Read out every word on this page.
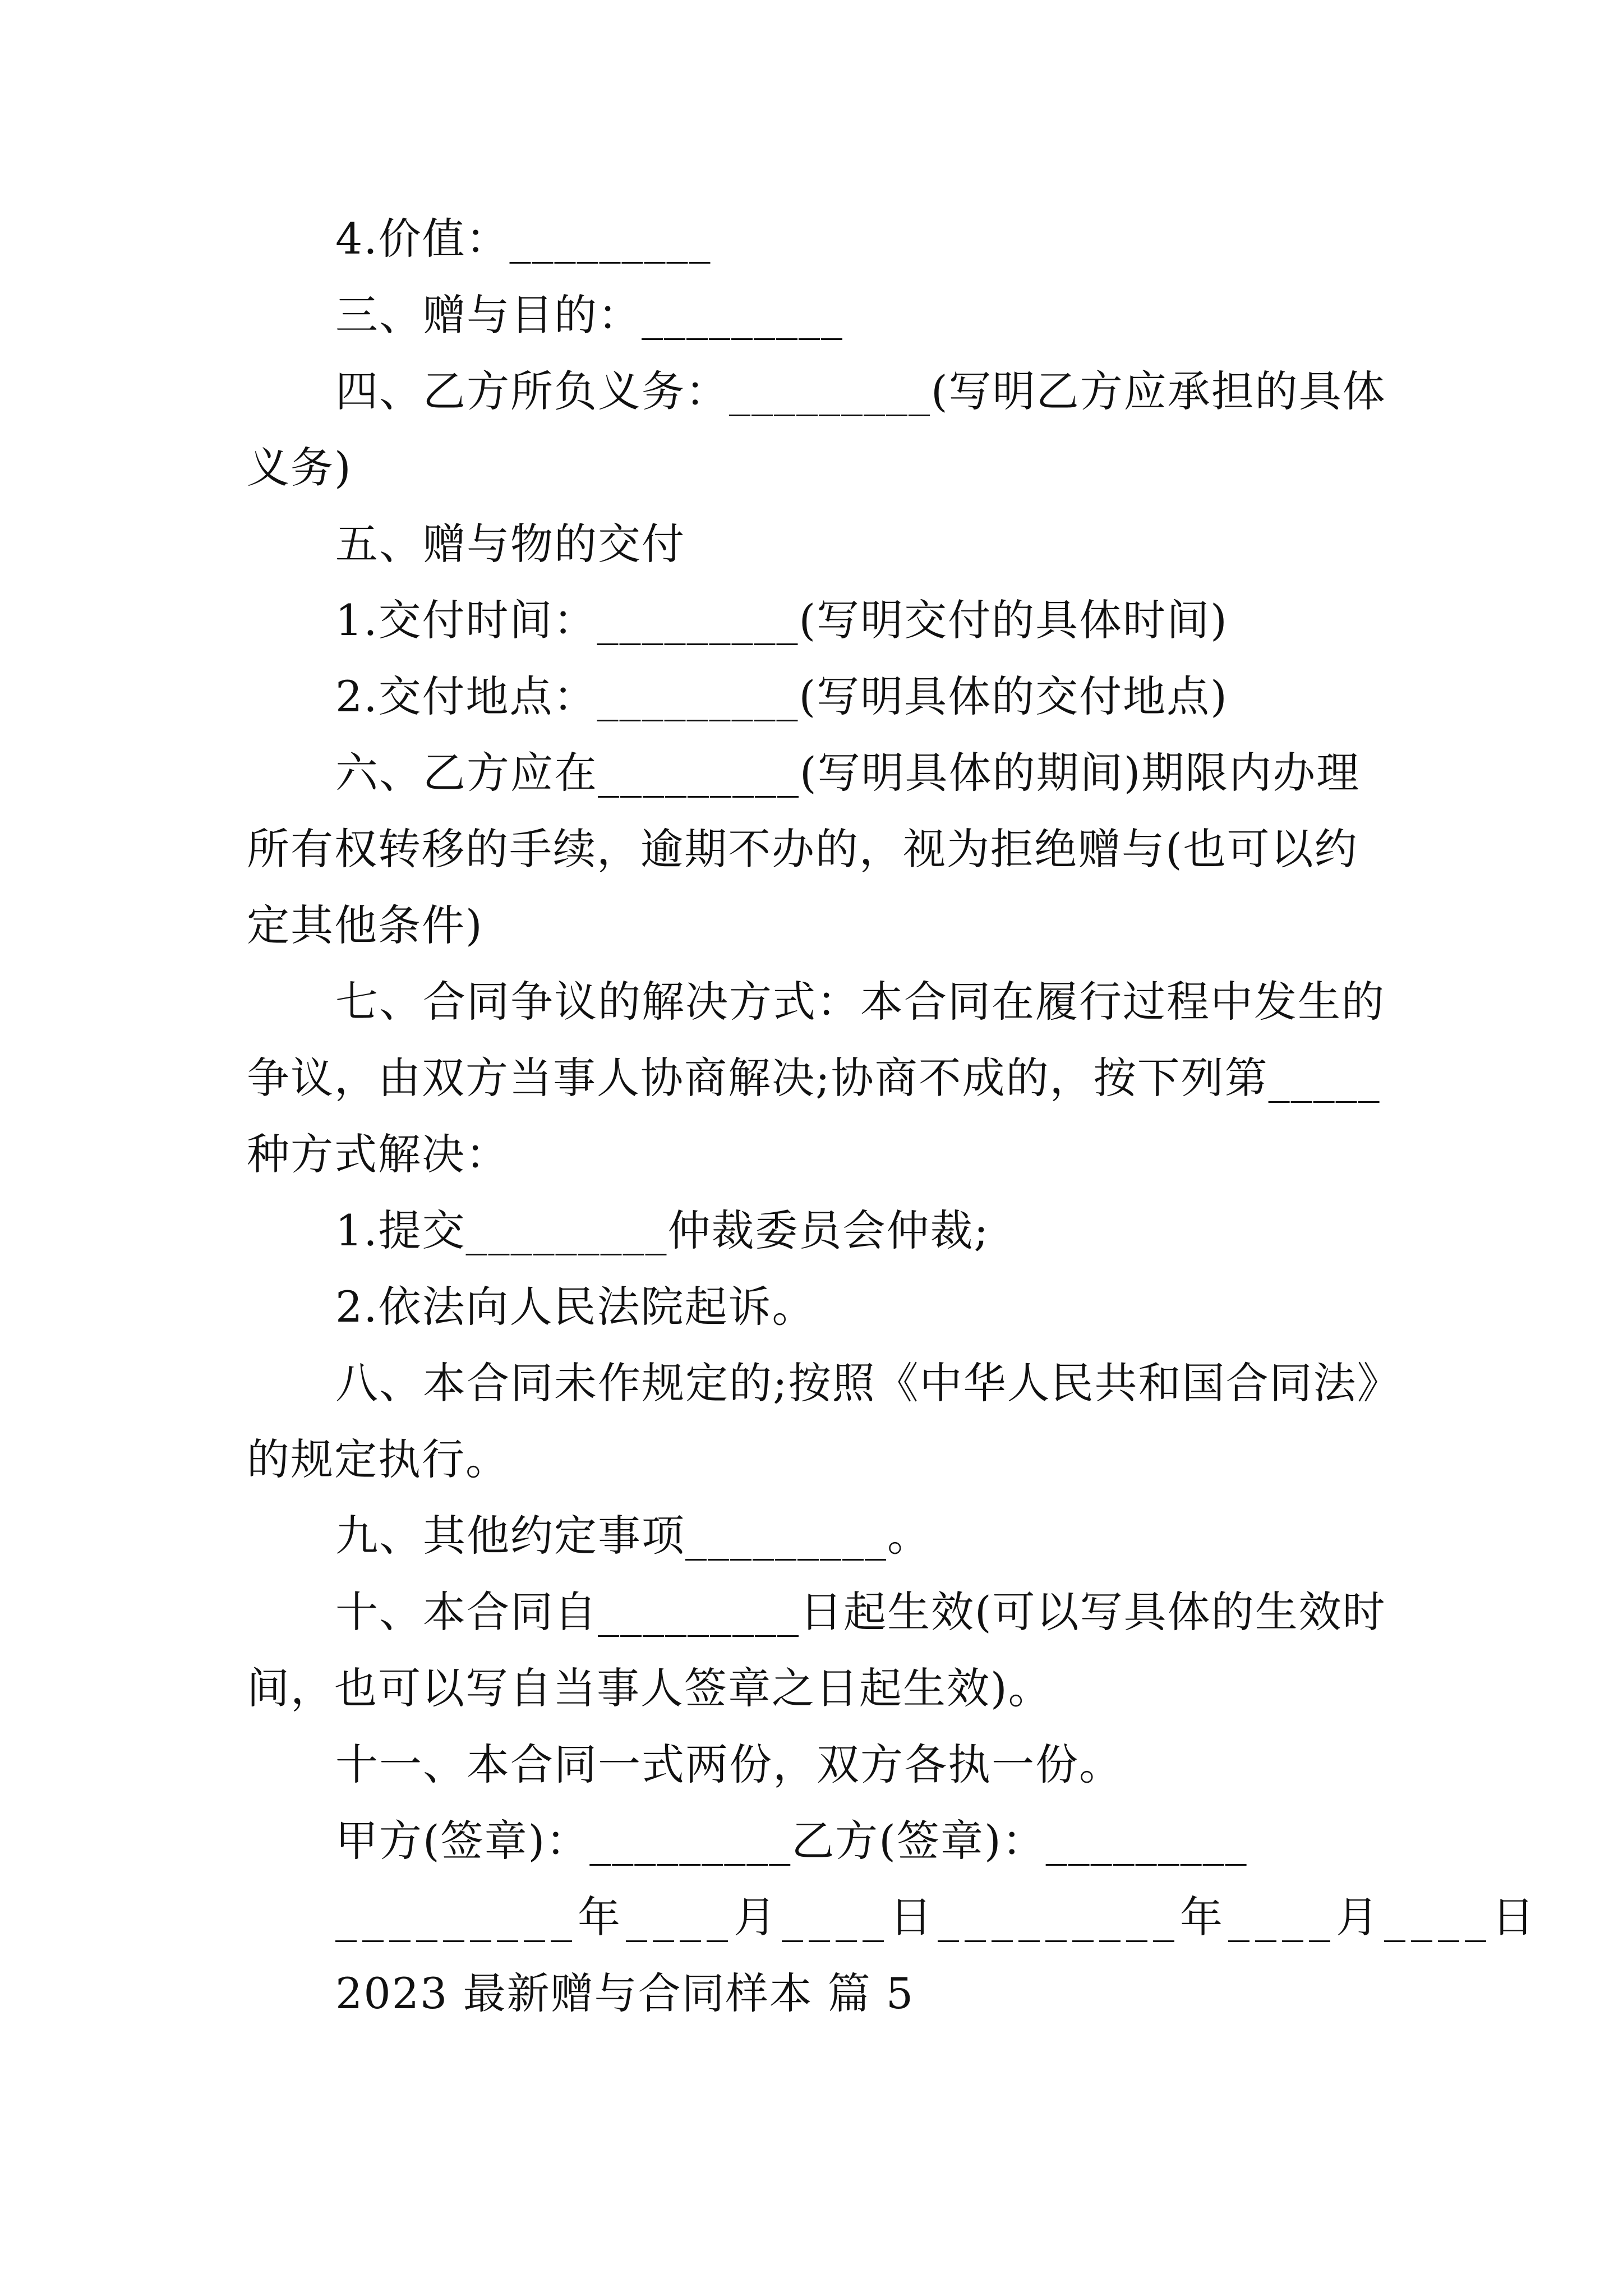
4.价值：_________

三、赠与目的：_________

四、乙方所负义务：_________(写明乙方应承担的具体

义务)

五、赠与物的交付

1.交付时间：_________(写明交付的具体时间)

2.交付地点：_________(写明具体的交付地点)

六、乙方应在_________(写明具体的期间)期限内办理

所有权转移的手续，逾期不办的，视为拒绝赠与(也可以约

定其他条件)

七、合同争议的解决方式：本合同在履行过程中发生的

争议，由双方当事人协商解决;协商不成的，按下列第_____

种方式解决：

1.提交_________仲裁委员会仲裁;

2.依法向人民法院起诉。

八、本合同未作规定的;按照《中华人民共和国合同法》

的规定执行。

九、其他约定事项_________。

十、本合同自_________日起生效(可以写具体的生效时

间，也可以写自当事人签章之日起生效)。

十一、本合同一式两份，双方各执一份。

甲方(签章)：_________乙方(签章)：_________

_________年____月____日_________年____月____日

2023 最新赠与合同样本 篇 5
